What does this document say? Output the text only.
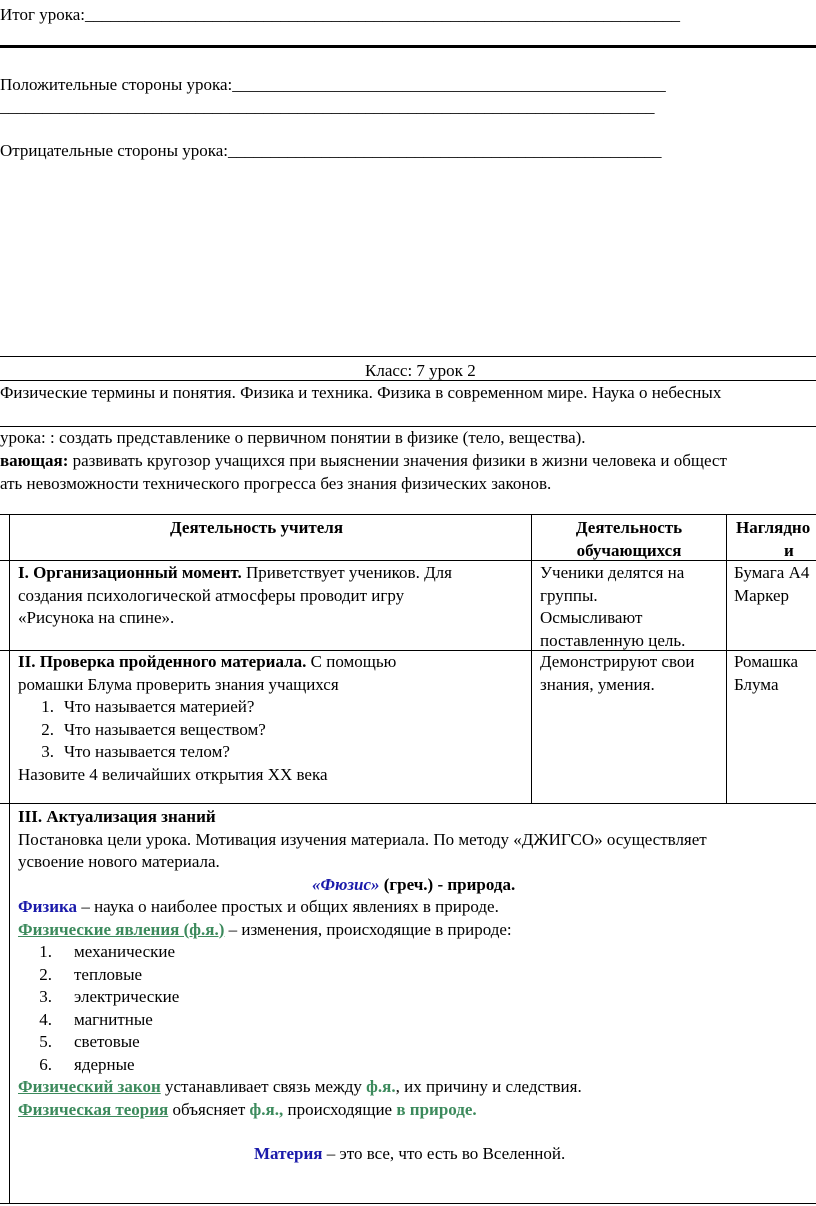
Итог урока:______________________________________________________________________
Положительные стороны урока:___________________________________________________
_____________________________________________________________________________
Отрицательные стороны урока:___________________________________________________
Класс: 7 урок 2
Физические термины и понятия. Физика и техника. Физика в современном мире. Наука о небесных
урока: : создать представленике о первичном понятии в физике (тело, вещества).
вающая: развивать кругозор учащихся при выяснении значения физики в жизни человека и общест
ать невозможности технического прогресса без знания физических законов.
Деятельность учителя	Деятельность
обучающихся
Наглядно
и
I. Организационный момент. Приветствует учеников. Для
создания психологической атмосферы проводит игру
«Рисунока на спине».
Ученики делятся на
группы.
Осмысливают
поставленную цель.
Бумага А4
Маркер
II. Проверка пройденного материала. С помощью
ромашки Блума проверить знания учащихся
1. Что называется материей?
2. Что называется веществом?
3. Что называется телом?
Назовите 4 величайших открытия XX века
Демонстрируют свои
знания, умения.
Ромашка
Блума
III. Актуализация знаний
Постановка цели урока. Мотивация изучения материала. По методу «ДЖИГСО» осуществляет
усвоение нового материала.
«Фюзис» (греч.) - природа.
Физика – наука о наиболее простых и общих явлениях в природе.
Физические явления (ф.я.) – изменения, происходящие в природе:
1. механические
2. тепловые
3. электрические
4. магнитные
5. световые
6. ядерные
Физический закон устанавливает связь между ф.я., их причину и следствия.
Физическая теория объясняет ф.я., происходящие в природе.
Материя – это все, что есть во Вселенной.
